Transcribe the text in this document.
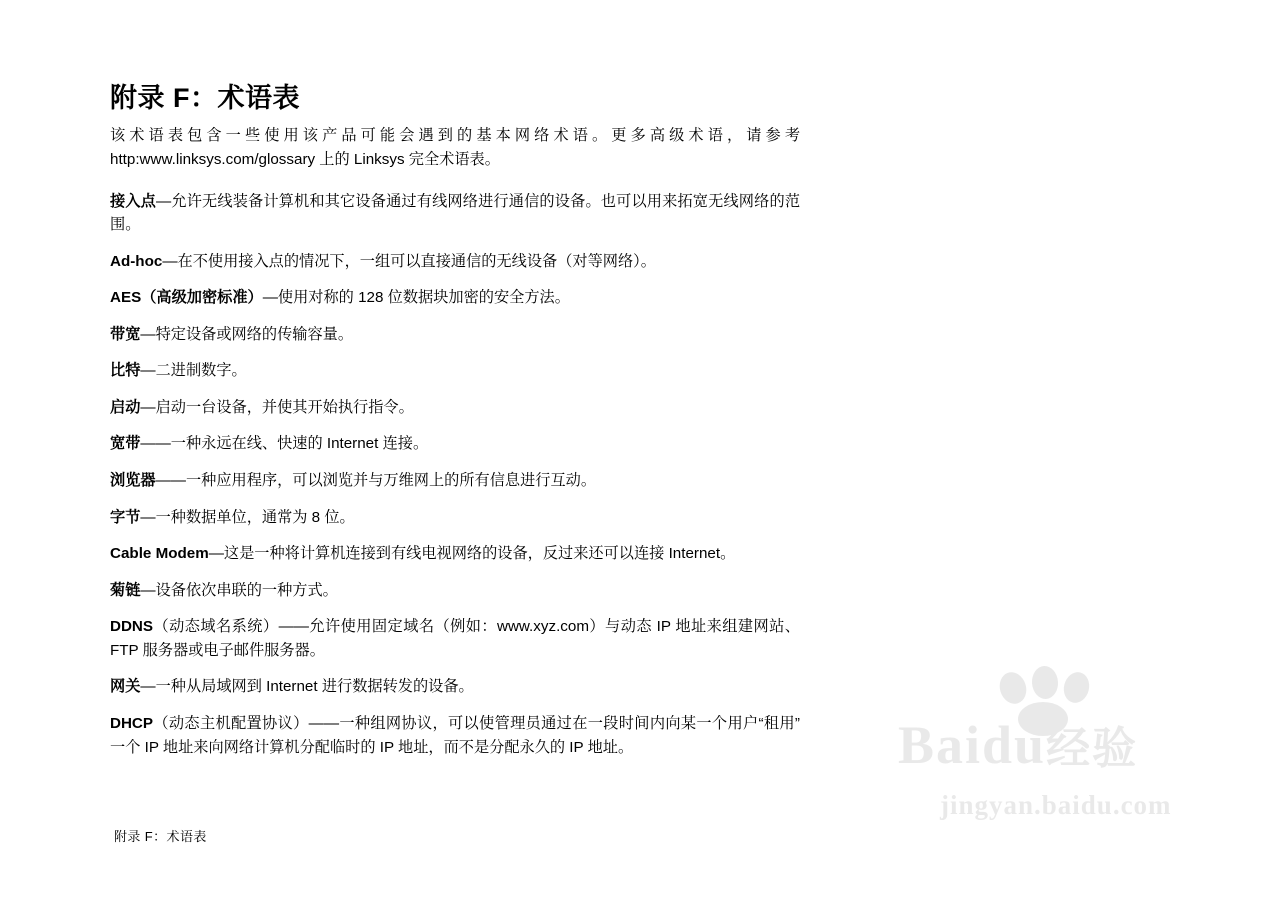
附录 F：术语表

该术语表包含一些使用该产品可能会遇到的基本网络术语。更多高级术语，请参考 http:www.linksys.com/glossary 上的 Linksys 完全术语表。

接入点—允许无线装备计算机和其它设备通过有线网络进行通信的设备。也可以用来拓宽无线网络的范围。

Ad-hoc—在不使用接入点的情况下，一组可以直接通信的无线设备（对等网络）。

AES（高级加密标准）—使用对称的 128 位数据块加密的安全方法。

带宽—特定设备或网络的传输容量。

比特—二进制数字。

启动—启动一台设备，并使其开始执行指令。

宽带——一种永远在线、快速的 Internet 连接。

浏览器——一种应用程序，可以浏览并与万维网上的所有信息进行互动。

字节—一种数据单位，通常为 8 位。

Cable Modem—这是一种将计算机连接到有线电视网络的设备，反过来还可以连接 Internet。

菊链—设备依次串联的一种方式。

DDNS（动态域名系统）——允许使用固定域名（例如：www.xyz.com）与动态 IP 地址来组建网站、FTP 服务器或电子邮件服务器。

网关—一种从局域网到 Internet 进行数据转发的设备。

DHCP（动态主机配置协议）——一种组网协议，可以使管理员通过在一段时间内向某一个用户“租用”一个 IP 地址来向网络计算机分配临时的 IP 地址，而不是分配永久的 IP 地址。

附录 F：术语表
Baidu经验
jingyan.baidu.com
